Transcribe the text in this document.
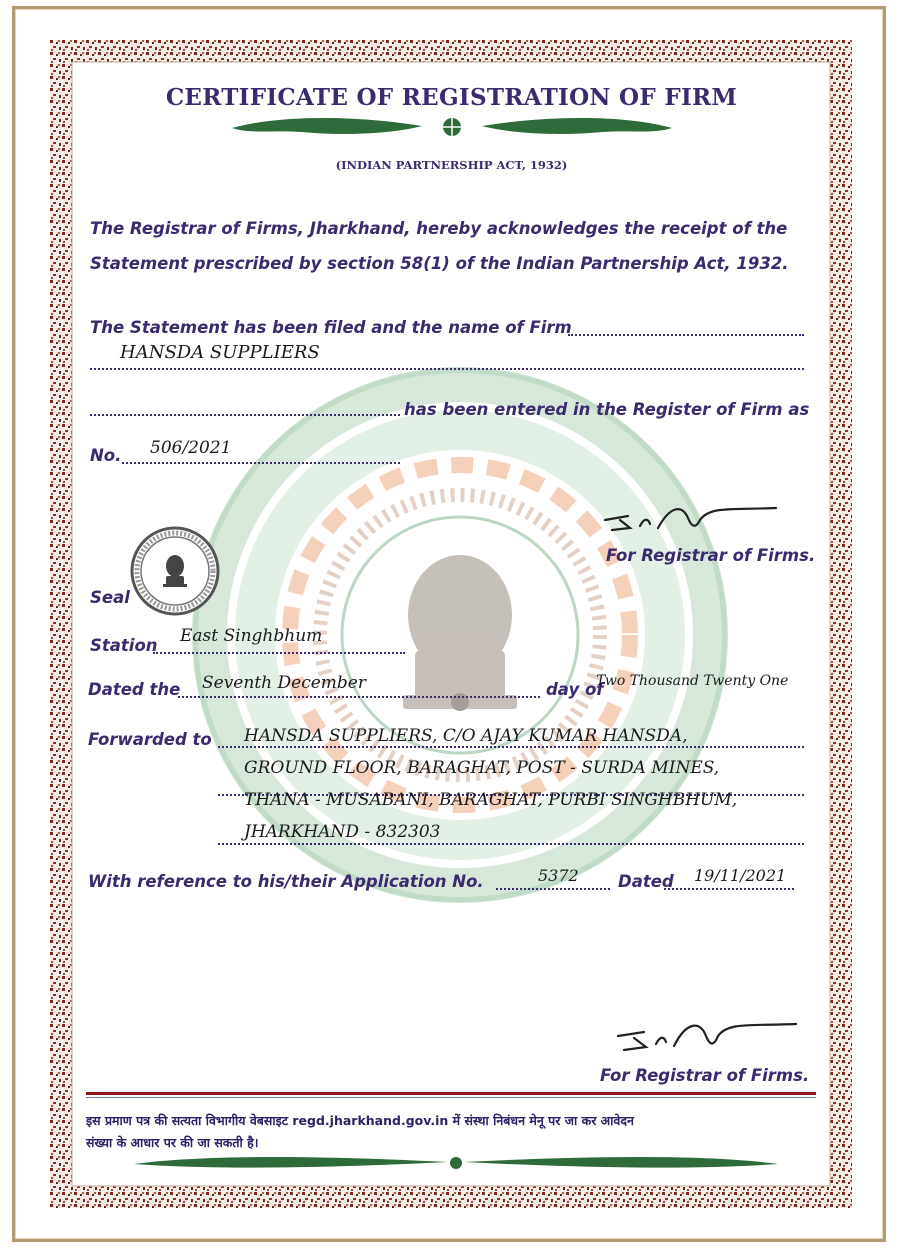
CERTIFICATE OF REGISTRATION OF FIRM
(INDIAN PARTNERSHIP ACT, 1932)
The Registrar of Firms, Jharkhand, hereby acknowledges the receipt of the
Statement prescribed by section 58(1) of the Indian Partnership Act, 1932.
The Statement has been filed and the name of Firm
HANSDA SUPPLIERS
has been entered in the Register of Firm as
No. 506/2021
For Registrar of Firms.
Seal
Station East Singhbhum
Dated the Seventh December	day of
Two Thousand Twenty One
Forwarded to HANSDA SUPPLIERS, C/O AJAY KUMAR HANSDA,
GROUND FLOOR, BARAGHAT, POST - SURDA MINES,
THANA - MUSABANI, BARAGHAT, PURBI SINGHBHUM,
JHARKHAND - 832303
With reference to his/their Application No.	5372 Dated 19/11/2021
For Registrar of Firms.
इस प्रमाण पत्र की सत्यता विभागीय वेबसाइट regd.jharkhand.gov.in में संस्था निबंधन मेनू पर जा कर आवेदन
संख्या के आधार पर की जा सकती है।
